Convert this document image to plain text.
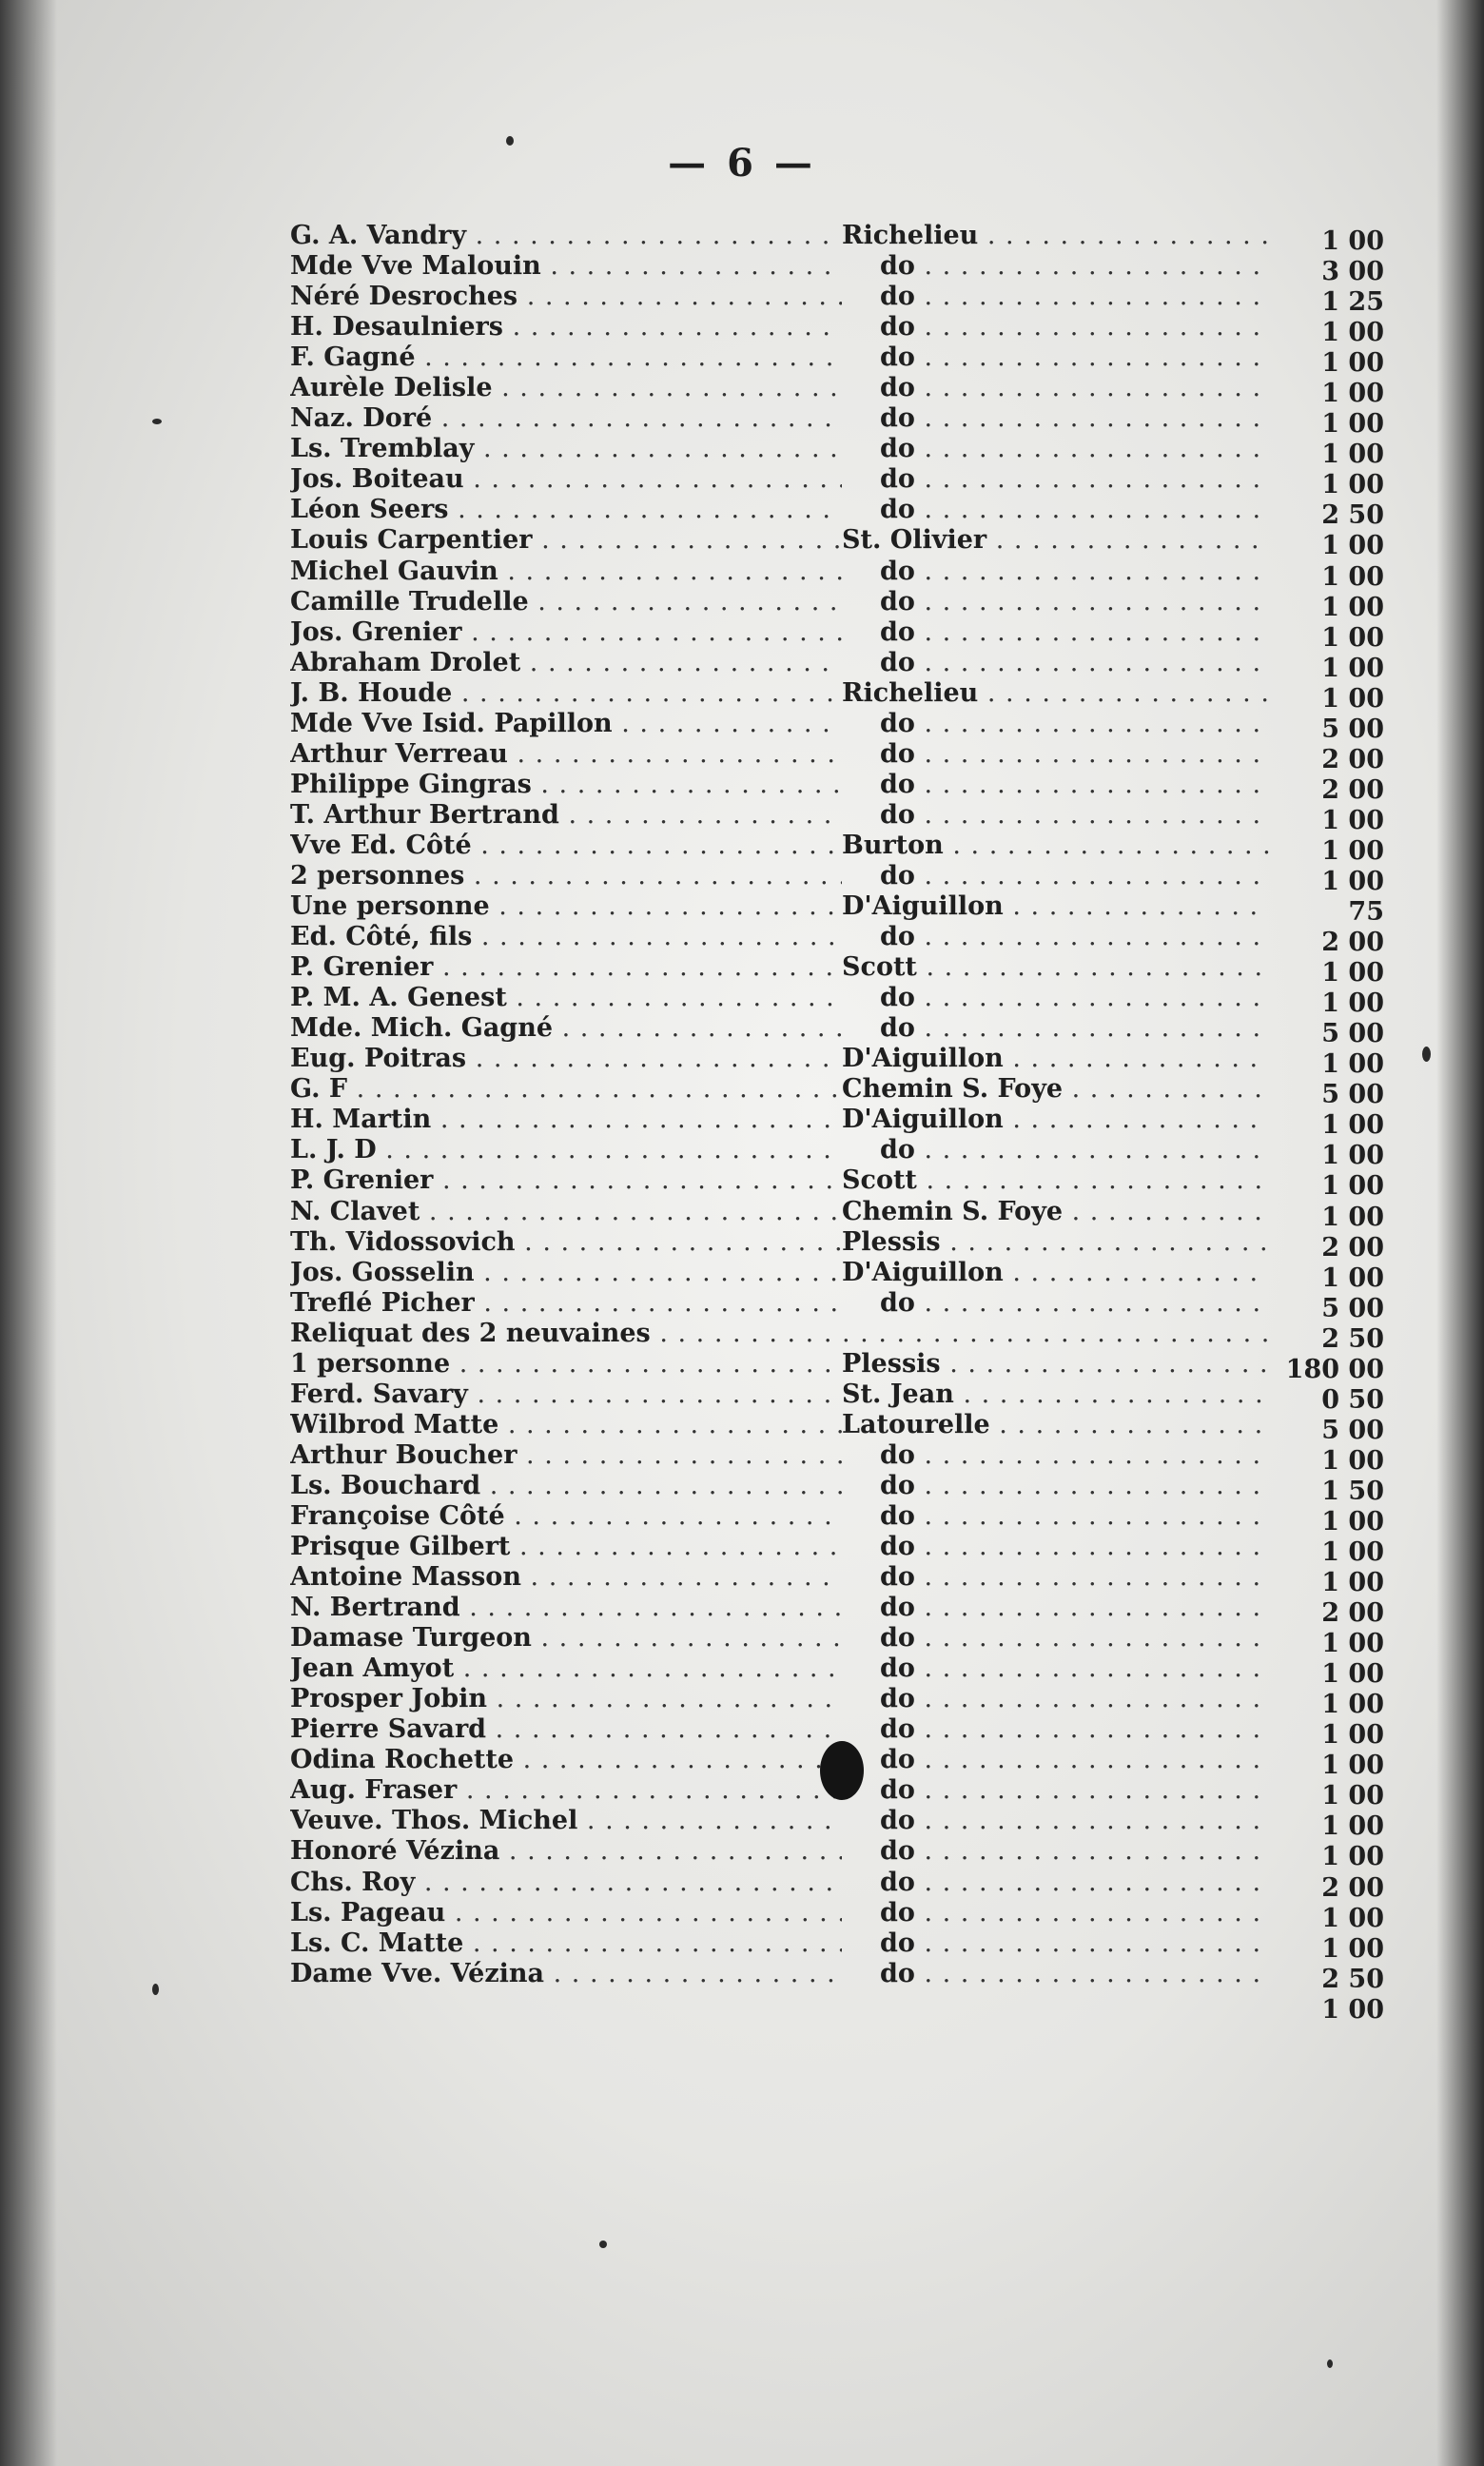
— 6 —
G. A. Vandry . . .	Richelieu . . .	1 00
Mde Vve Malouin . . .	do . . .	3 00
Néré Desroches . . .	do . . .	1 25
H. Desaulniers . . .	do . . .	1 00
F. Gagné . . .	do . . .	1 00
Aurèle Delisle . . .	do . . .	1 00
Naz. Doré . . .	do . . .	1 00
Ls. Tremblay . . .	do . . .	1 00
Jos. Boiteau . . .	do . . .	1 00
Léon Seers . . .	do . . .	2 50
Louis Carpentier . . .	St. Olivier . . .	1 00
Michel Gauvin . . .	do . . .	1 00
Camille Trudelle . . .	do . . .	1 00
Jos. Grenier . . .	do . . .	1 00
Abraham Drolet . . .	do . . .	1 00
J. B. Houde . . .	Richelieu . . .	1 00
Mde Vve Isid. Papillon . . .	do . . .	5 00
Arthur Verreau . . .	do . . .	2 00
Philippe Gingras . . .	do . . .	2 00
T. Arthur Bertrand . . .	do . . .	1 00
Vve Ed. Côté . . .	Burton . . .	1 00
2 personnes . . .	do . . .	1 00
Une personne . . .	D'Aiguillon . . .	75
Ed. Côté, fils . . .	do . . .	2 00
P. Grenier . . .	Scott . . .	1 00
P. M. A. Genest . . .	do . . .	1 00
Mde. Mich. Gagné . . .	do . . .	5 00
Eug. Poitras . . .	D'Aiguillon . . .	1 00
G. F . . .	Chemin S. Foye . . .	5 00
H. Martin . . .	D'Aiguillon . . .	1 00
L. J. D . . .	do . . .	1 00
P. Grenier . . .	Scott . . .	1 00
N. Clavet . . .	Chemin S. Foye . . .	1 00
Th. Vidossovich . . .	Plessis . . .	2 00
Jos. Gosselin . . .	D'Aiguillon . . .	1 00
Treflé Picher . . .	do . . .	5 00
Reliquat des 2 neuvaines . . .
. . .	2 50
1 personne . . .	Plessis . . .	180 00
Ferd. Savary . . .	St. Jean . . .	0 50
Wilbrod Matte . . .	Latourelle . . .	5 00
Arthur Boucher . . .	do . . .	1 00
Ls. Bouchard . . .	do . . .	1 50
Françoise Côté . . .	do . . .	1 00
Prisque Gilbert . . .	do . . .	1 00
Antoine Masson . . .	do . . .	1 00
N. Bertrand . . .	do . . .	2 00
Damase Turgeon . . .	do . . .	1 00
Jean Amyot . . .	do . . .	1 00
Prosper Jobin . . .	do . . .	1 00
Pierre Savard . . .	do . . .	1 00
Odina Rochette . . .	do . . .	1 00
Aug. Fraser . . .	do . . .	1 00
Veuve. Thos. Michel . . .	do . . .	1 00
Honoré Vézina . . .	do . . .	1 00
Chs. Roy . . .	do . . .	2 00
Ls. Pageau . . .	do . . .	1 00
Ls. C. Matte . . .	do . . .	1 00
Dame Vve. Vézina . . .	do . . .	2 50
1 00
